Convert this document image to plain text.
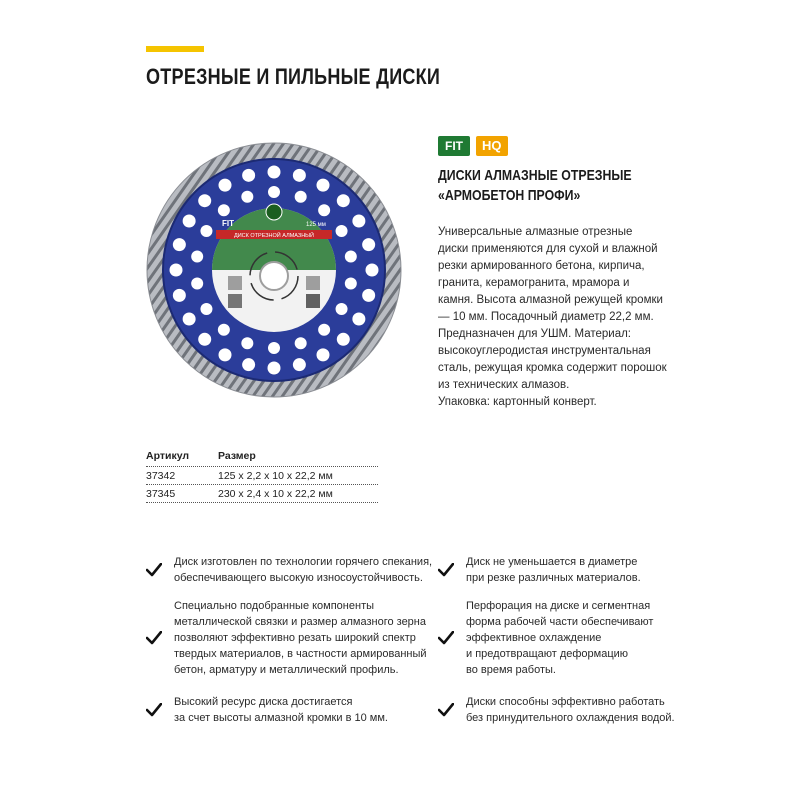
ОТРЕЗНЫЕ И ПИЛЬНЫЕ ДИСКИ
FIT	125 мм
ДИСК ОТРЕЗНОЙ АЛМАЗНЫЙ
FIT	HQ
ДИСКИ АЛМАЗНЫЕ ОТРЕЗНЫЕ
«АРМОБЕТОН ПРОФИ»
Универсальные алмазные отрезные
диски применяются для сухой и влажной
резки армированного бетона, кирпича,
гранита, керамогранита, мрамора и
камня. Высота алмазной режущей кромки
— 10 мм. Посадочный диаметр 22,2 мм.
Предназначен для УШМ. Материал:
высокоуглеродистая инструментальная
сталь, режущая кромка содержит порошок
из технических алмазов.
Упаковка: картонный конверт.
Артикул	Размер
37342	125 х 2,2 х 10 х 22,2 мм
37345	230 х 2,4 х 10 х 22,2 мм
Диск изготовлен по технологии горячего спекания,
обеспечивающего высокую износоустойчивость.
Специально подобранные компоненты
металлической связки и размер алмазного зерна
позволяют эффективно резать широкий спектр
твердых материалов, в частности армированный
бетон, арматуру и металлический профиль.
Высокий ресурс диска достигается
за счет высоты алмазной кромки в 10 мм.
Диск не уменьшается в диаметре
при резке различных материалов.
Перфорация на диске и сегментная
форма рабочей части обеспечивают
эффективное охлаждение
и предотвращают деформацию
во время работы.
Диски способны эффективно работать
без принудительного охлаждения водой.
